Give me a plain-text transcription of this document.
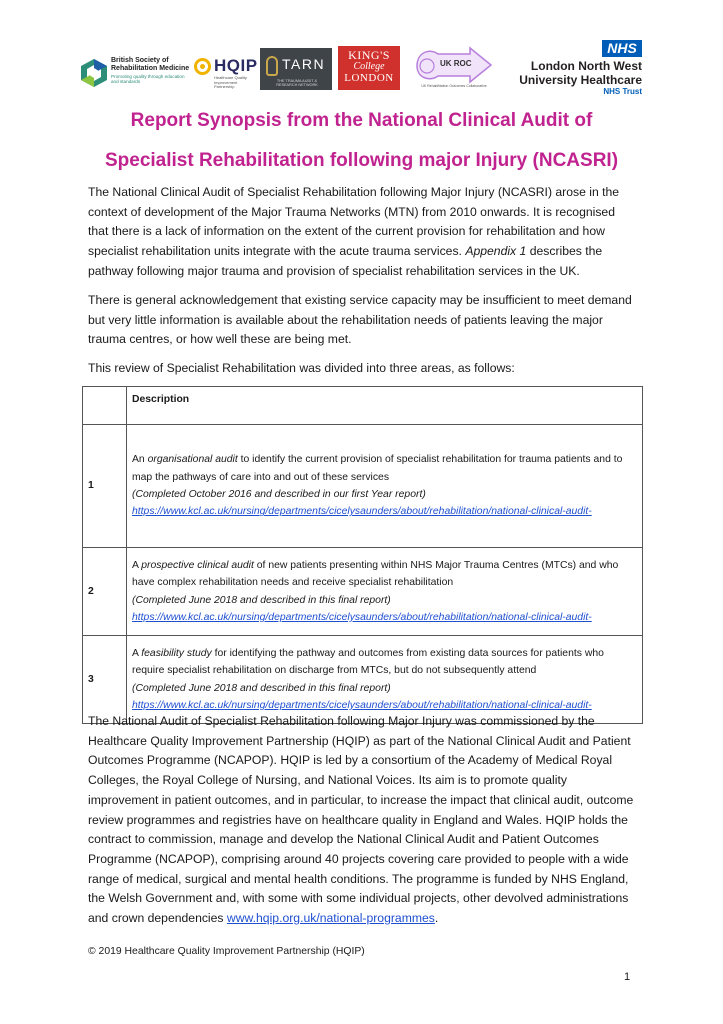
British Society of
Rehabilitation Medicine
Promoting quality through education and standards
HQIP
Healthcare Quality Improvement Partnership
TARN
THE TRAUMA AUDIT & RESEARCH NETWORK
KING'S
College
LONDON
UK ROC
UK Rehabilitation Outcomes Collaborative
NHS
London North West
University Healthcare
NHS Trust
Report Synopsis from the National Clinical Audit of
Specialist Rehabilitation following major Injury (NCASRI)

The National Clinical Audit of Specialist Rehabilitation following Major Injury (NCASRI) arose in the context of development of the Major Trauma Networks (MTN) from 2010 onwards. It is recognised that there is a lack of information on the extent of the current provision for rehabilitation and how specialist rehabilitation units integrate with the acute trauma services. Appendix 1 describes the pathway following major trauma and provision of specialist rehabilitation services in the UK.

There is general acknowledgement that existing service capacity may be insufficient to meet demand but very little information is available about the rehabilitation needs of patients leaving the major trauma centres, or how well these are being met.

This review of Specialist Rehabilitation was divided into three areas, as follows:

	Description
1	An organisational audit to identify the current provision of specialist rehabilitation for trauma patients and to map the pathways of care into and out of these services
(Completed October 2016 and described in our first Year report)
https://www.kcl.ac.uk/nursing/departments/cicelysaunders/about/rehabilitation/national-clinical-audit-

2	A prospective clinical audit of new patients presenting within NHS Major Trauma Centres (MTCs) and who have complex rehabilitation needs and receive specialist rehabilitation
(Completed June 2018 and described in this final report)
https://www.kcl.ac.uk/nursing/departments/cicelysaunders/about/rehabilitation/national-clinical-audit-

3	A feasibility study for identifying the pathway and outcomes from existing data sources for patients who require specialist rehabilitation on discharge from MTCs, but do not subsequently attend
(Completed June 2018 and described in this final report)
https://www.kcl.ac.uk/nursing/departments/cicelysaunders/about/rehabilitation/national-clinical-audit-

The National Audit of Specialist Rehabilitation following Major Injury was commissioned by the Healthcare Quality Improvement Partnership (HQIP) as part of the National Clinical Audit and Patient Outcomes Programme (NCAPOP). HQIP is led by a consortium of the Academy of Medical Royal Colleges, the Royal College of Nursing, and National Voices. Its aim is to promote quality improvement in patient outcomes, and in particular, to increase the impact that clinical audit, outcome review programmes and registries have on healthcare quality in England and Wales. HQIP holds the contract to commission, manage and develop the National Clinical Audit and Patient Outcomes Programme (NCAPOP), comprising around 40 projects covering care provided to people with a wide range of medical, surgical and mental health conditions. The programme is funded by NHS England, the Welsh Government and, with some with some individual projects, other devolved administrations and crown dependencies www.hqip.org.uk/national-programmes.

© 2019 Healthcare Quality Improvement Partnership (HQIP)
1
